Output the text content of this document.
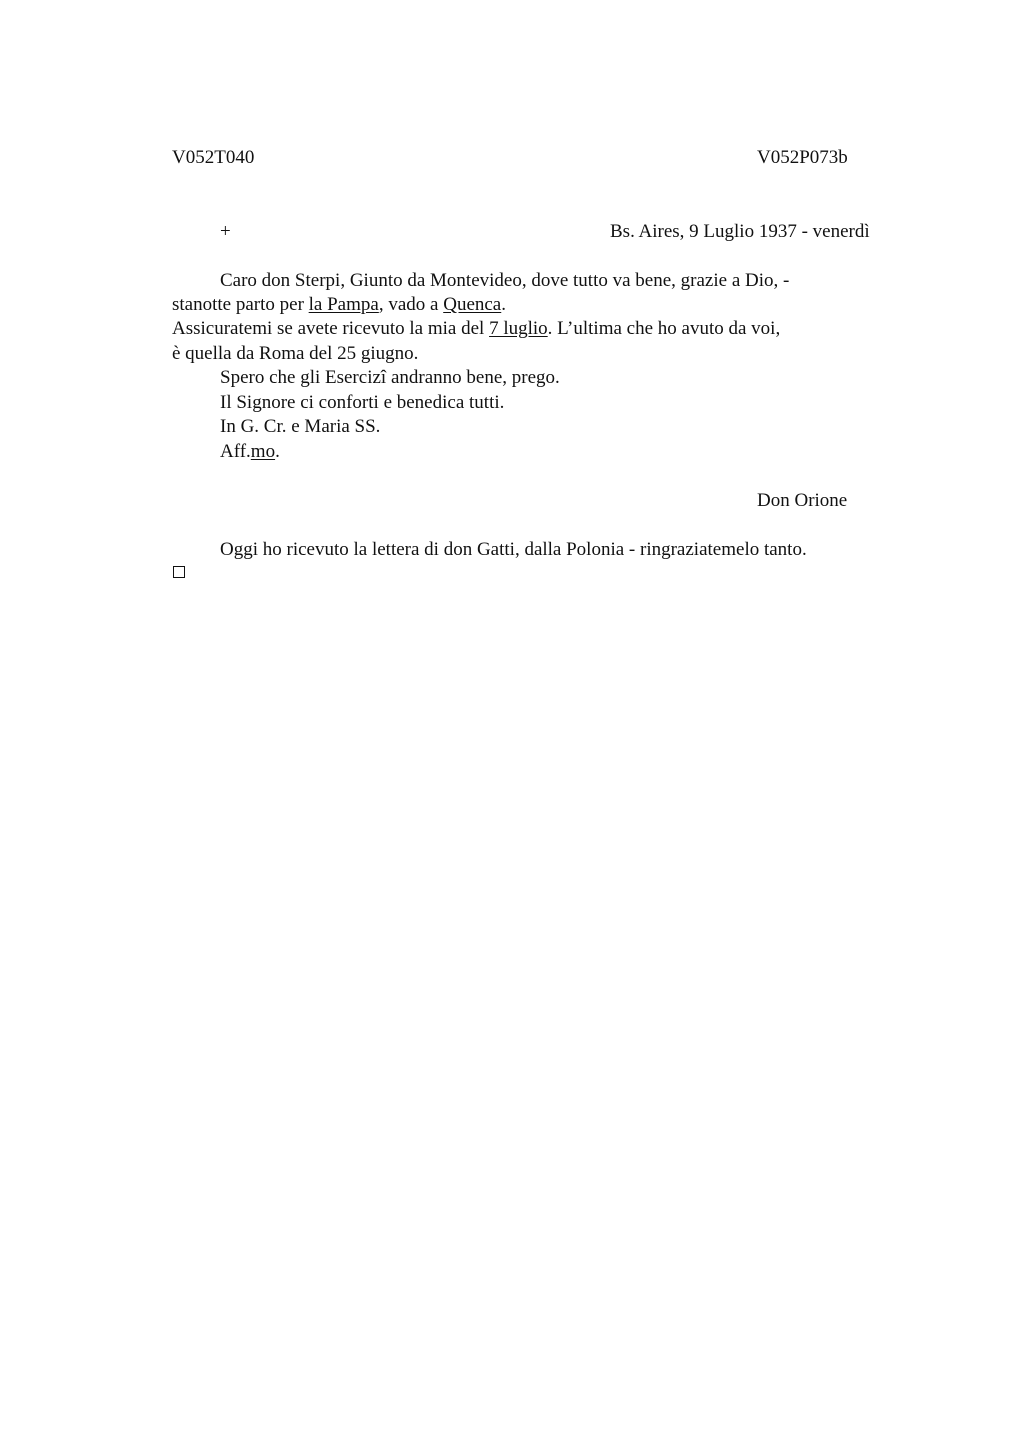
V052T040	V052P073b
+	Bs. Aires, 9 Luglio 1937 - venerdì
Caro don Sterpi, Giunto da Montevideo, dove tutto va bene, grazie a Dio, -
stanotte parto per la Pampa, vado a Quenca.
Assicuratemi se avete ricevuto la mia del 7 luglio. L’ultima che ho avuto da voi,
è quella da Roma del 25 giugno.
Spero che gli Esercizi andranno bene, prego.
Il Signore ci conforti e benedica tutti.
In G. Cr. e Maria SS.
Aff.mo.
Don Orione
Oggi ho ricevuto la lettera di don Gatti, dalla Polonia - ringraziatemelo tanto.
